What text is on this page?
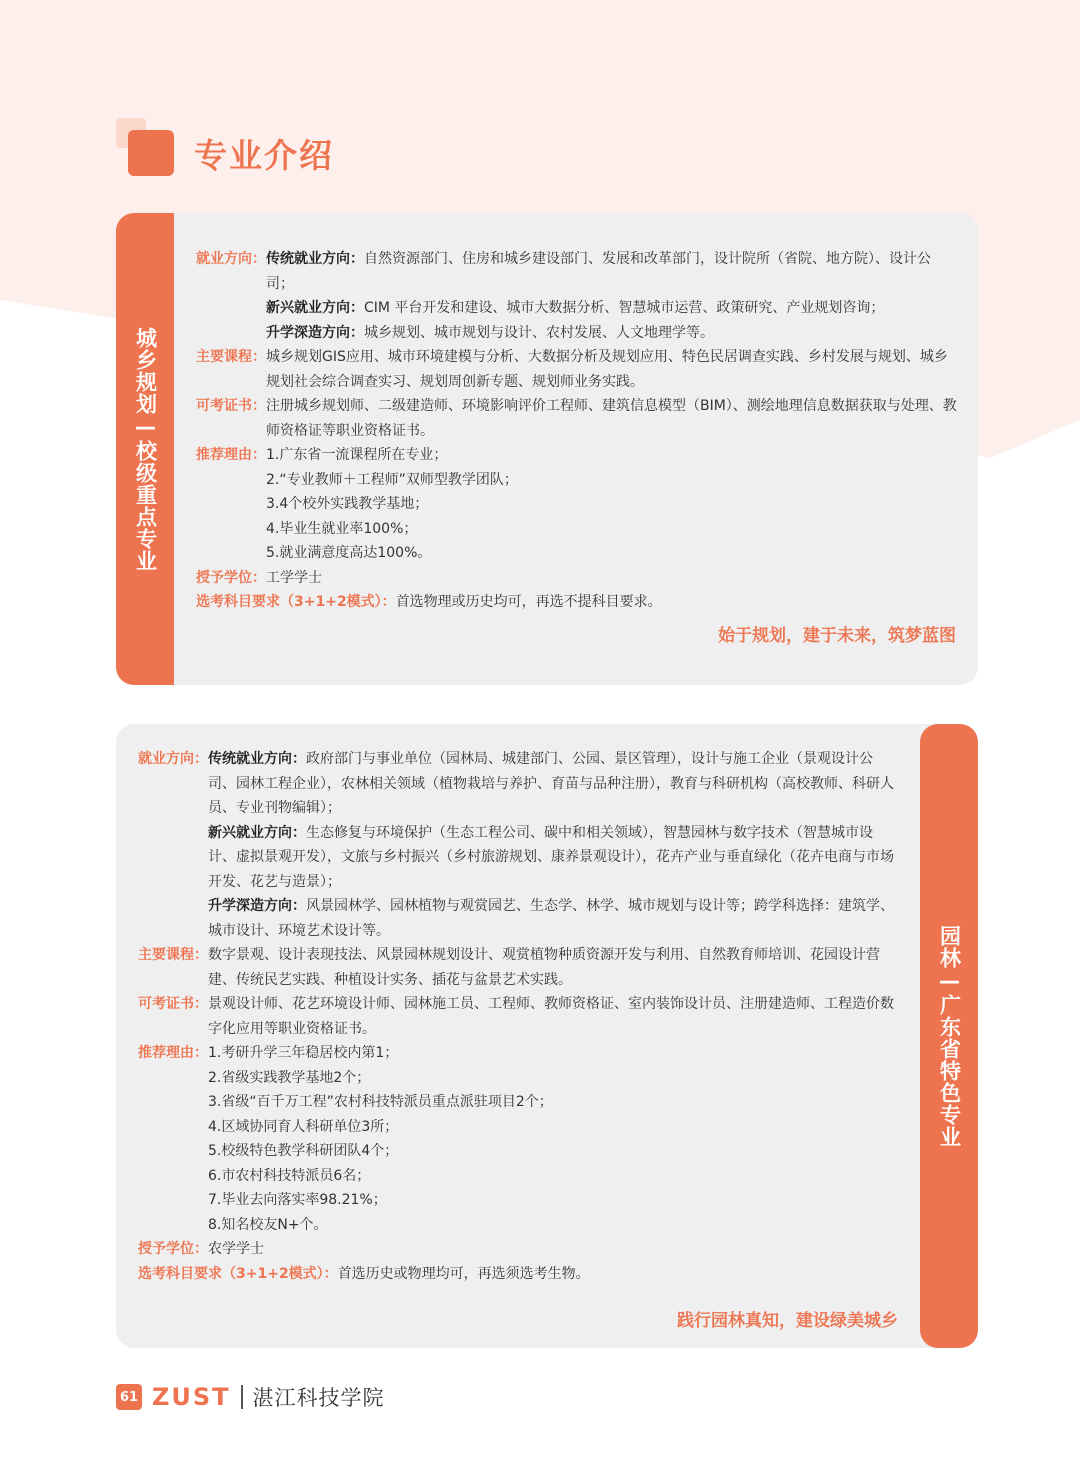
专业介绍
城乡规划—校级重点专业
就业方向： 传统就业方向：自然资源部门、住房和城乡建设部门、发展和改革部门，设计院所（省院、地方院）、设计公司；
新兴就业方向：CIM 平台开发和建设、城市大数据分析、智慧城市运营、政策研究、产业规划咨询；
升学深造方向：城乡规划、城市规划与设计、农村发展、人文地理学等。
主要课程： 城乡规划GIS应用、城市环境建模与分析、大数据分析及规划应用、特色民居调查实践、乡村发展与规划、城乡规划社会综合调查实习、规划周创新专题、规划师业务实践。
可考证书： 注册城乡规划师、二级建造师、环境影响评价工程师、建筑信息模型（BIM）、测绘地理信息数据获取与处理、教师资格证等职业资格证书。
推荐理由： 1.广东省一流课程所在专业；
2.“专业教师＋工程师”双师型教学团队；
3.4个校外实践教学基地；
4.毕业生就业率100%；
5.就业满意度高达100%。
授予学位： 工学学士
选考科目要求（3+1+2模式）： 首选物理或历史均可，再选不提科目要求。
始于规划，建于未来，筑梦蓝图
园林—广东省特色专业
就业方向： 传统就业方向：政府部门与事业单位（园林局、城建部门、公园、景区管理），设计与施工企业（景观设计公司、园林工程企业），农林相关领域（植物栽培与养护、育苗与品种注册），教育与科研机构（高校教师、科研人员、专业刊物编辑）；
新兴就业方向：生态修复与环境保护（生态工程公司、碳中和相关领域），智慧园林与数字技术（智慧城市设计、虚拟景观开发），文旅与乡村振兴（乡村旅游规划、康养景观设计），花卉产业与垂直绿化（花卉电商与市场开发、花艺与造景）；
升学深造方向：风景园林学、园林植物与观赏园艺、生态学、林学、城市规划与设计等；跨学科选择：建筑学、城市设计、环境艺术设计等。
主要课程： 数字景观、设计表现技法、风景园林规划设计、观赏植物种质资源开发与利用、自然教育师培训、花园设计营建、传统民艺实践、种植设计实务、插花与盆景艺术实践。
可考证书： 景观设计师、花艺环境设计师、园林施工员、工程师、教师资格证、室内装饰设计员、注册建造师、工程造价数字化应用等职业资格证书。
推荐理由： 1.考研升学三年稳居校内第1；
2.省级实践教学基地2个；
3.省级“百千万工程”农村科技特派员重点派驻项目2个；
4.区域协同育人科研单位3所；
5.校级特色教学科研团队4个；
6.市农村科技特派员6名；
7.毕业去向落实率98.21%；
8.知名校友N+个。
授予学位： 农学学士
选考科目要求（3+1+2模式）： 首选历史或物理均可，再选须选考生物。
践行园林真知，建设绿美城乡
61 ZUST 湛江科技学院
